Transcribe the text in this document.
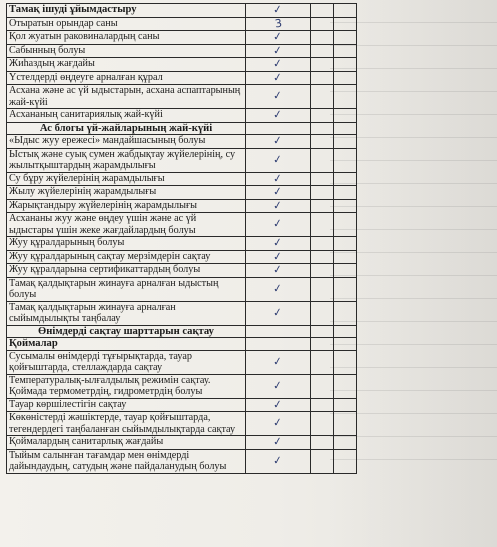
Тамақ ішуді ұйымдастыру	✓		
Отыратын орындар саны	3		
Қол жуатын раковиналардың саны	✓		
Сабынның болуы	✓		
Жиһаздың жағдайы	✓		
Үстелдерді өңдеуге арналған құрал	✓		
Асхана және ас үй ыдыстарын, асхана аспаптарының жай-күйі	✓		
Асхананың санитариялық жай-күйі	✓		
Ас блогы үй-жайларының жай-күйі			
«Ыдыс жуу ережесі» мандайшасының болуы	✓		
Ыстық және суық сумен жабдықтау жүйелерінің, су жылытқыштардың жарамдылығы	✓		
Су бұру жүйелерінің жарамдылығы	✓		
Жылу жүйелерінің жарамдылығы	✓		
Жарықтандыру жүйелерінің жарамдылығы	✓		
Асхананы жуу және өңдеу үшін және ас үй ыдыстары үшін жеке жағдайлардың болуы	✓		
Жуу құралдарының болуы	✓		
Жуу құралдарының сақтау мерзімдерін сақтау	✓		
Жуу құралдарына сертификаттардың болуы	✓		
Тамақ қалдықтарын жинауға арналған ыдыстың болуы	✓		
Тамақ қалдықтарын жинауға арналған сыйымдылықты таңбалау	✓		
Өнімдерді сақтау шарттарын сақтау			
Қоймалар			
Сусымалы өнімдерді тұғырықтарда, тауар қойғыштарда, стеллаждарда сақтау	✓		
Температуралық-ылғалдылық режимін сақтау. Қоймада термометрдің, гидрометрдің болуы	✓		
Тауар көршілестігін сақтау	✓		
Көкөністерді жәшіктерде, тауар қойғыштарда, тегендердегі таңбаланған сыйымдылықтарда сақтау	✓		
Қоймалардың санитарлық жағдайы	✓		
Тыйым салынған тағамдар мен өнімдерді дайындаудың, сатудың және пайдаланудың болуы	✓		
